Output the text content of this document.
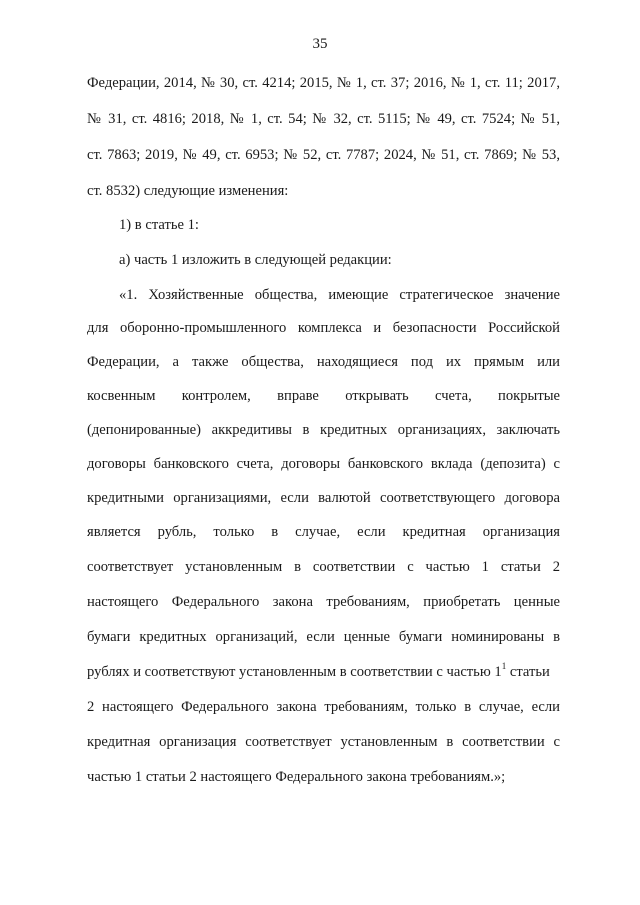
35
Федерации, 2014, № 30, ст. 4214; 2015, № 1, ст. 37; 2016, № 1, ст. 11; 2017,
№ 31, ст. 4816; 2018, № 1, ст. 54; № 32, ст. 5115; № 49, ст. 7524; № 51,
ст. 7863; 2019, № 49, ст. 6953; № 52, ст. 7787; 2024, № 51, ст. 7869; № 53,
ст. 8532) следующие изменения:
1) в статье 1:
а) часть 1 изложить в следующей редакции:
«1. Хозяйственные общества, имеющие стратегическое значение
для оборонно-промышленного комплекса и безопасности Российской
Федерации, а также общества, находящиеся под их прямым или
косвенным контролем, вправе открывать счета, покрытые
(депонированные) аккредитивы в кредитных организациях, заключать
договоры банковского счета, договоры банковского вклада (депозита) с
кредитными организациями, если валютой соответствующего договора
является рубль, только в случае, если кредитная организация
соответствует установленным в соответствии с частью 1 статьи 2
настоящего Федерального закона требованиям, приобретать ценные
бумаги кредитных организаций, если ценные бумаги номинированы в
рублях и соответствуют установленным в соответствии с частью $1^1$ статьи
2 настоящего Федерального закона требованиям, только в случае, если
кредитная организация соответствует установленным в соответствии с
частью 1 статьи 2 настоящего Федерального закона требованиям.»;
